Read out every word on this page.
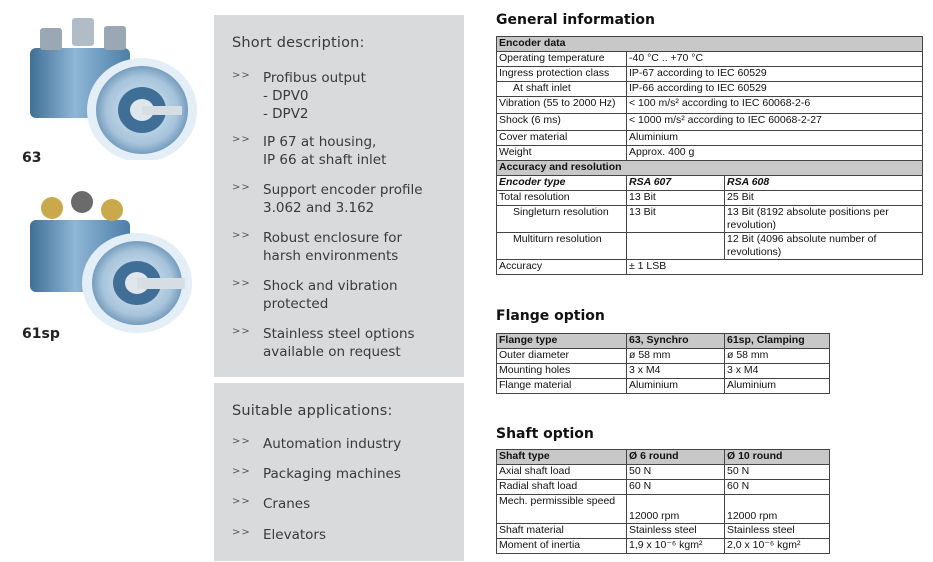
63
61sp
Short description:
>> Profibus output
- DPV0
- DPV2
>> IP 67 at housing,
IP 66 at shaft inlet
>> Support encoder profile
3.062 and 3.162
>> Robust enclosure for
harsh environments
>> Shock and vibration
protected
>> Stainless steel options
available on request
Suitable applications:
>> Automation industry
>> Packaging machines
>> Cranes
>> Elevators
General information
Encoder data		
Operating temperature	-40 °C .. +70 °C	
Ingress protection class	IP-67 according to IEC 60529	
At shaft inlet	IP-66 according to IEC 60529	
Vibration (55 to 2000 Hz)	< 100 m/s² according to IEC 60068-2-6	
Shock (6 ms)	< 1000 m/s² according to IEC 60068-2-27	
Cover material	Aluminium	
Weight	Approx. 400 g	
Accuracy and resolution		
Encoder type	RSA 607	RSA 608
Total resolution	13 Bit	25 Bit
Singleturn resolution	13 Bit	13 Bit (8192 absolute positions per revolution)
Multiturn resolution		12 Bit (4096 absolute number of revolutions)
Accuracy	± 1 LSB	
Flange option
Flange type	63, Synchro	61sp, Clamping
Outer diameter	ø 58 mm	ø 58 mm
Mounting holes	3 x M4	3 x M4
Flange material	Aluminium	Aluminium
Shaft option
Shaft type	Ø 6 round	Ø 10 round
Axial shaft load	50 N	50 N
Radial shaft load	60 N	60 N
Mech. permissible speed	12000 rpm	12000 rpm
Shaft material	Stainless steel	Stainless steel
Moment of inertia	1,9 x 10⁻⁶ kgm²	2,0 x 10⁻⁶ kgm²
